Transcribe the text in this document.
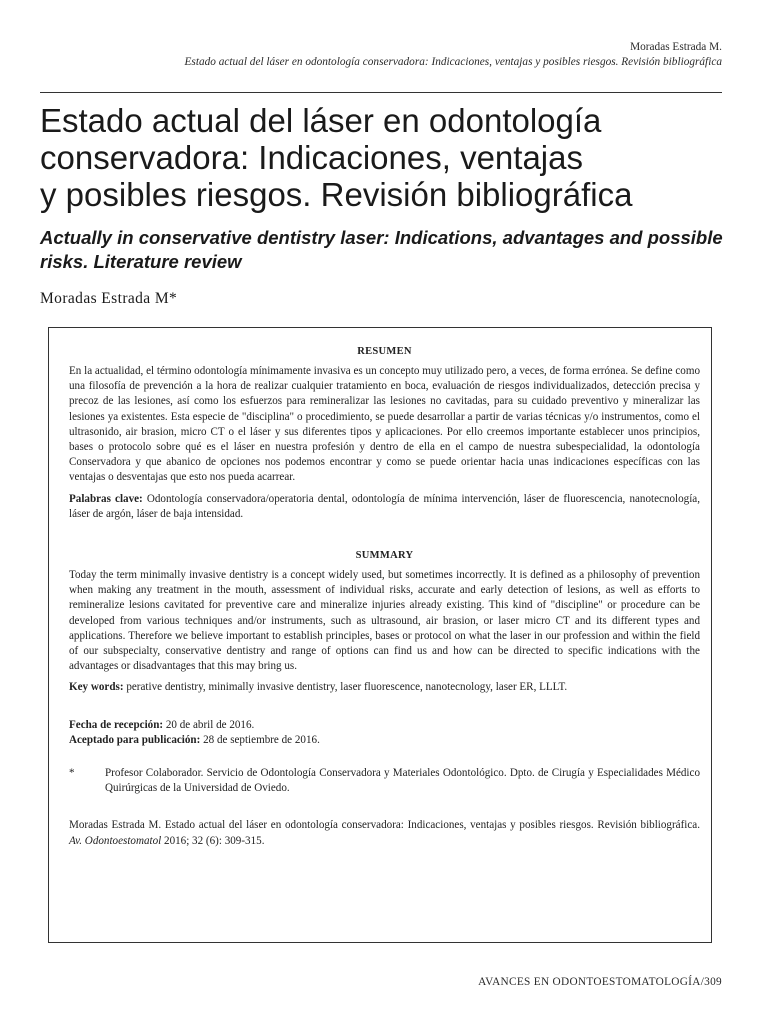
Moradas Estrada M.
Estado actual del láser en odontología conservadora: Indicaciones, ventajas y posibles riesgos. Revisión bibliográfica
Estado actual del láser en odontología
conservadora: Indicaciones, ventajas
y posibles riesgos. Revisión bibliográfica
Actually in conservative dentistry laser: Indications, advantages and possible risks. Literature review
Moradas Estrada M*
RESUMEN

En la actualidad, el término odontología mínimamente invasiva es un concepto muy utilizado pero, a veces, de forma errónea. Se define como una filosofía de prevención a la hora de realizar cualquier tratamiento en boca, evaluación de riesgos individualizados, detección precisa y precoz de las lesiones, así como los esfuerzos para remineralizar las lesiones no cavitadas, para su cuidado preventivo y mineralizar las lesiones ya existentes. Esta especie de "disciplina" o procedimiento, se puede desarrollar a partir de varias técnicas y/o instrumentos, como el ultrasonido, air brasion, micro CT o el láser y sus diferentes tipos y aplicaciones. Por ello creemos importante establecer unos principios, bases o protocolo sobre qué es el láser en nuestra profesión y dentro de ella en el campo de nuestra subespecialidad, la odontología Conservadora y que abanico de opciones nos podemos encontrar y como se puede orientar hacia unas indicaciones específicas con las ventajas o desventajas que esto nos pueda acarrear.

Palabras clave: Odontología conservadora/operatoria dental, odontología de mínima intervención, láser de fluorescencia, nanotecnología, láser de argón, láser de baja intensidad.

SUMMARY

Today the term minimally invasive dentistry is a concept widely used, but sometimes incorrectly. It is defined as a philosophy of prevention when making any treatment in the mouth, assessment of individual risks, accurate and early detection of lesions, as well as efforts to remineralize lesions cavitated for preventive care and mineralize injuries already existing. This kind of "discipline" or procedure can be developed from various techniques and/or instruments, such as ultrasound, air brasion, or laser micro CT and its different types and applications. Therefore we believe important to establish principles, bases or protocol on what the laser in our profession and within the field of our subspecialty, conservative dentistry and range of options can find us and how can be directed to specific indications with the advantages or disadvantages that this may bring us.

Key words: perative dentistry, minimally invasive dentistry, laser fluorescence, nanotecnology, laser ER, LLLT.

Fecha de recepción: 20 de abril de 2016.
Aceptado para publicación: 28 de septiembre de 2016.

*	Profesor Colaborador. Servicio de Odontología Conservadora y Materiales Odontológico. Dpto. de Cirugía y Especialidades Médico Quirúrgicas de la Universidad de Oviedo.

Moradas Estrada M. Estado actual del láser en odontología conservadora: Indicaciones, ventajas y posibles riesgos. Revisión bibliográfica. Av. Odontoestomatol 2016; 32 (6): 309-315.

AVANCES EN ODONTOESTOMATOLOGÍA/309
